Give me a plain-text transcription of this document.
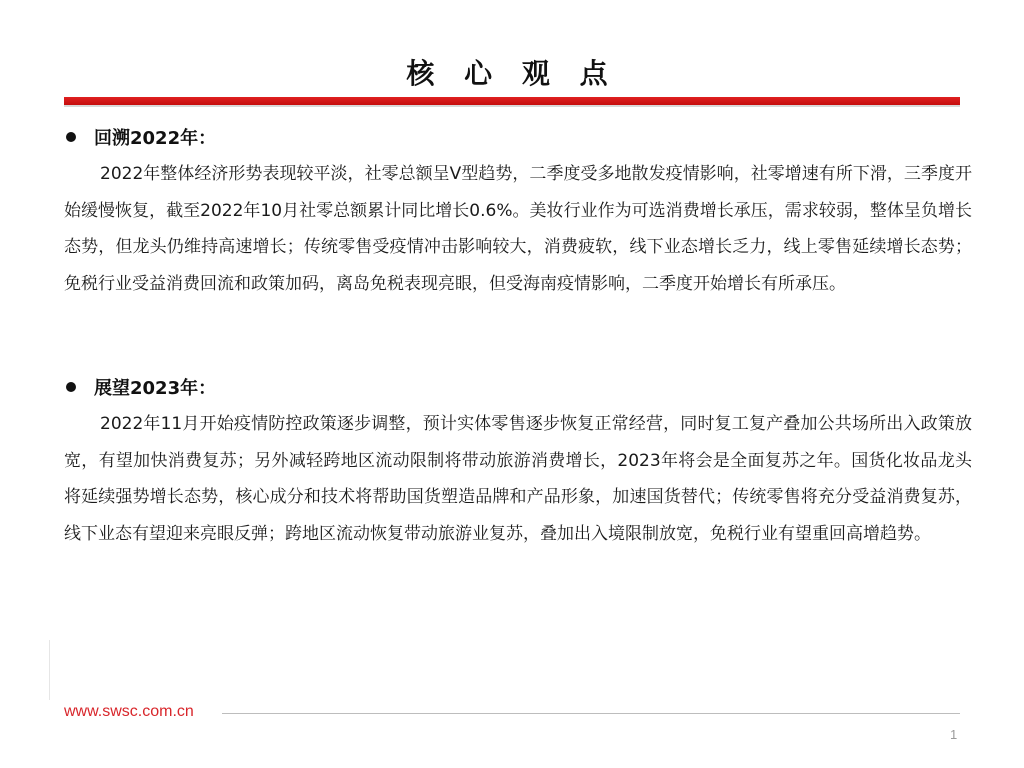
核 心 观 点
回溯2022年：

2022年整体经济形势表现较平淡，社零总额呈V型趋势，二季度受多地散发疫情影响，社零增速有所下滑，三季度开始缓慢恢复，截至2022年10月社零总额累计同比增长0.6%。美妆行业作为可选消费增长承压，需求较弱，整体呈负增长态势，但龙头仍维持高速增长；传统零售受疫情冲击影响较大，消费疲软，线下业态增长乏力，线上零售延续增长态势；免税行业受益消费回流和政策加码，离岛免税表现亮眼，但受海南疫情影响，二季度开始增长有所承压。

展望2023年：

2022年11月开始疫情防控政策逐步调整，预计实体零售逐步恢复正常经营，同时复工复产叠加公共场所出入政策放宽，有望加快消费复苏；另外减轻跨地区流动限制将带动旅游消费增长，2023年将会是全面复苏之年。国货化妆品龙头将延续强势增长态势，核心成分和技术将帮助国货塑造品牌和产品形象，加速国货替代；传统零售将充分受益消费复苏，线下业态有望迎来亮眼反弹；跨地区流动恢复带动旅游业复苏，叠加出入境限制放宽，免税行业有望重回高增趋势。

www.swsc.com.cn
1
